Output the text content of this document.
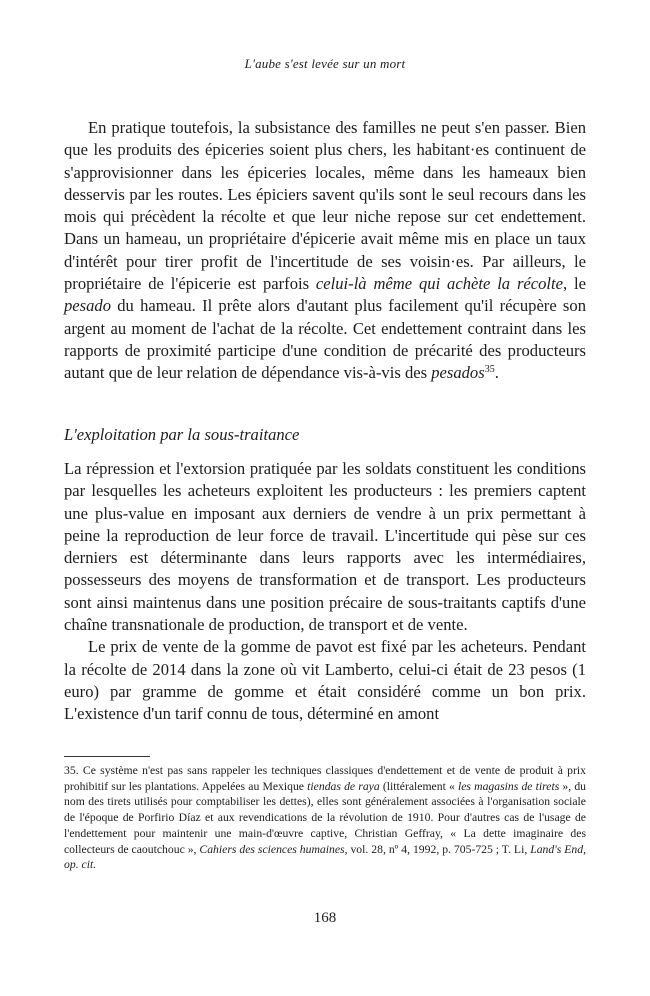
L'aube s'est levée sur un mort

En pratique toutefois, la subsistance des familles ne peut s'en passer. Bien que les produits des épiceries soient plus chers, les habitant·es continuent de s'approvisionner dans les épiceries locales, même dans les hameaux bien desservis par les routes. Les épiciers savent qu'ils sont le seul recours dans les mois qui précèdent la récolte et que leur niche repose sur cet endettement. Dans un hameau, un propriétaire d'épicerie avait même mis en place un taux d'intérêt pour tirer profit de l'incertitude de ses voisin·es. Par ailleurs, le propriétaire de l'épicerie est parfois celui-là même qui achète la récolte, le pesado du hameau. Il prête alors d'autant plus facilement qu'il récupère son argent au moment de l'achat de la récolte. Cet endettement contraint dans les rapports de proximité participe d'une condition de précarité des producteurs autant que de leur relation de dépendance vis-à-vis des pesados$^{35}$.

L'exploitation par la sous-traitance

La répression et l'extorsion pratiquée par les soldats constituent les conditions par lesquelles les acheteurs exploitent les producteurs : les premiers captent une plus-value en imposant aux derniers de vendre à un prix permettant à peine la reproduction de leur force de travail. L'incertitude qui pèse sur ces derniers est déterminante dans leurs rapports avec les intermédiaires, possesseurs des moyens de transformation et de transport. Les producteurs sont ainsi maintenus dans une position précaire de sous-traitants captifs d'une chaîne transnationale de production, de transport et de vente.

Le prix de vente de la gomme de pavot est fixé par les acheteurs. Pendant la récolte de 2014 dans la zone où vit Lamberto, celui-ci était de 23 pesos (1 euro) par gramme de gomme et était considéré comme un bon prix. L'existence d'un tarif connu de tous, déterminé en amont

35. Ce système n'est pas sans rappeler les techniques classiques d'endettement et de vente de produit à prix prohibitif sur les plantations. Appelées au Mexique tiendas de raya (littéralement « les magasins de tirets », du nom des tirets utilisés pour comptabiliser les dettes), elles sont généralement associées à l'organisation sociale de l'époque de Porfirio Díaz et aux revendications de la révolution de 1910. Pour d'autres cas de l'usage de l'endettement pour maintenir une main-d'œuvre captive, Christian Geffray, « La dette imaginaire des collecteurs de caoutchouc », Cahiers des sciences humaines, vol. 28, nº 4, 1992, p. 705-725 ; T. Li, Land's End, op. cit.

168
